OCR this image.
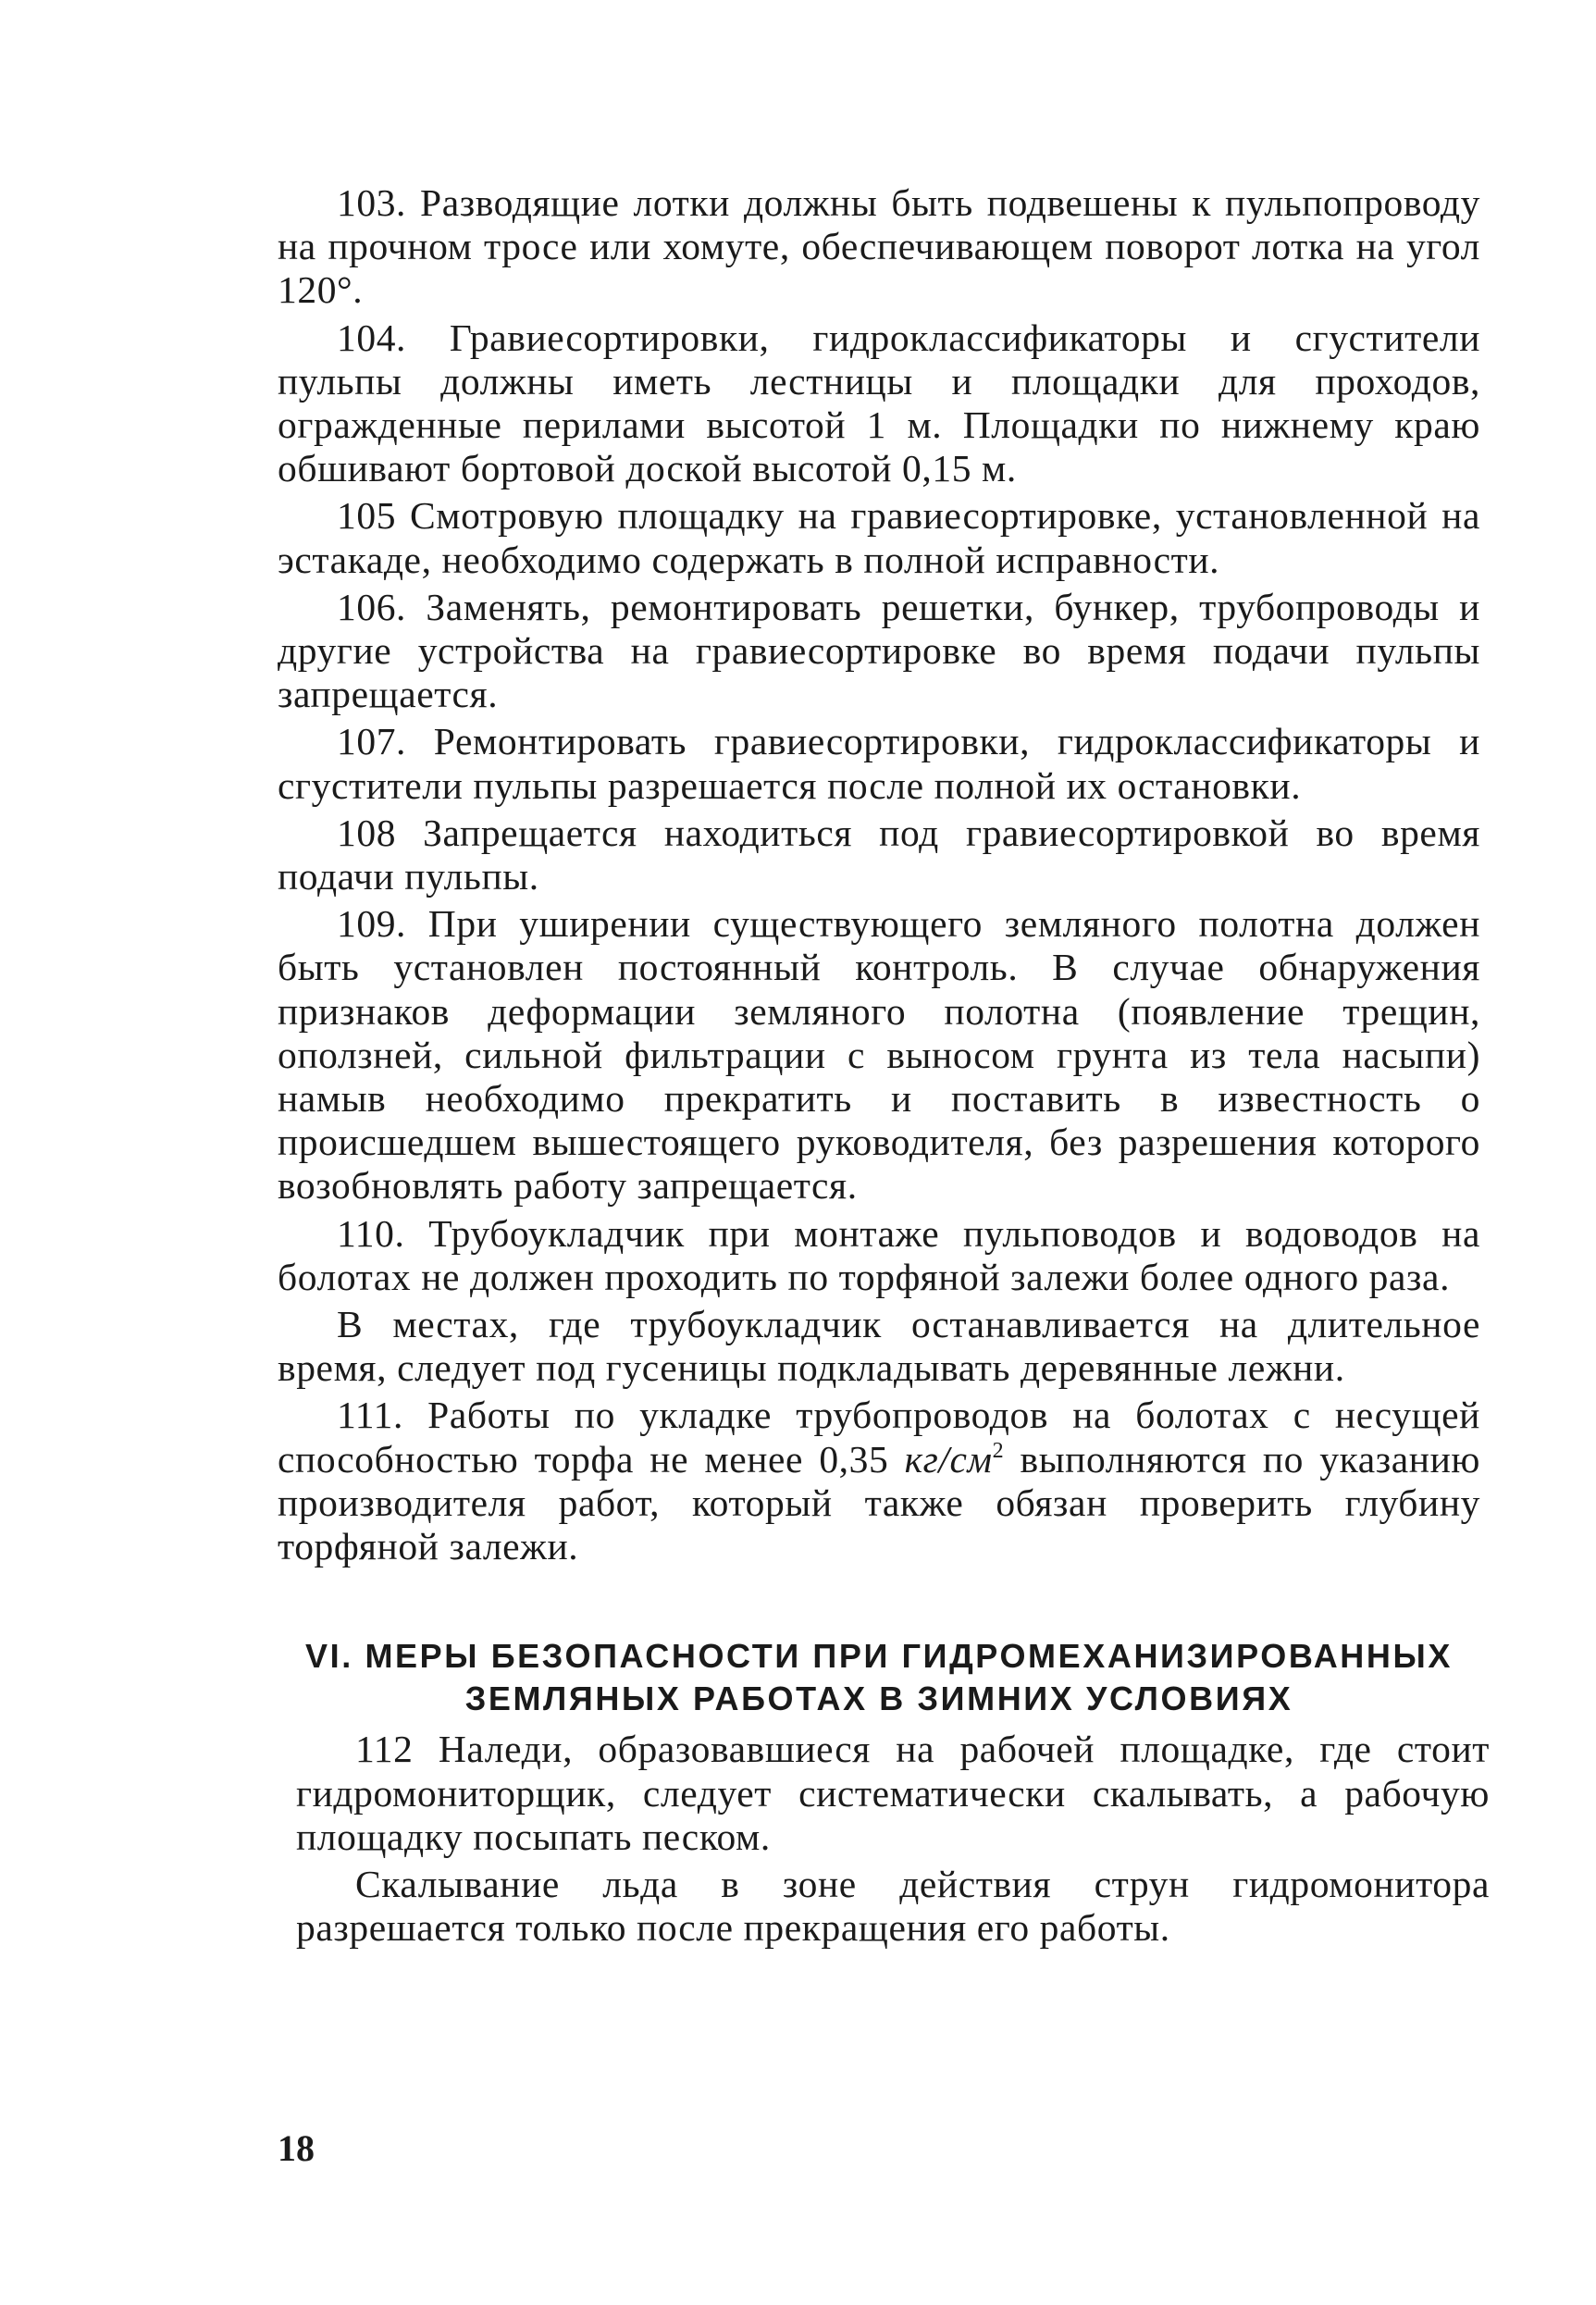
103. Разводящие лотки должны быть подвешены к пульпопроводу на прочном тросе или хомуте, обеспечивающем поворот лотка на угол 120°.

104. Гравиесортировки, гидроклассификаторы и сгустители пульпы должны иметь лестницы и площадки для проходов, огражденные перилами высотой 1 м. Площадки по нижнему краю обшивают бортовой доской высотой 0,15 м.

105 Смотровую площадку на гравиесортировке, установленной на эстакаде, необходимо содержать в полной исправности.

106. Заменять, ремонтировать решетки, бункер, трубопроводы и другие устройства на гравиесортировке во время подачи пульпы запрещается.

107. Ремонтировать гравиесортировки, гидроклассификаторы и сгустители пульпы разрешается после полной их остановки.

108 Запрещается находиться под гравиесортировкой во время подачи пульпы.

109. При уширении существующего земляного полотна должен быть установлен постоянный контроль. В случае обнаружения признаков деформации земляного полотна (появление трещин, оползней, сильной фильтрации с выносом грунта из тела насыпи) намыв необходимо прекратить и поставить в известность о происшедшем вышестоящего руководителя, без разрешения которого возобновлять работу запрещается.

110. Трубоукладчик при монтаже пульповодов и водоводов на болотах не должен проходить по торфяной залежи более одного раза.

В местах, где трубоукладчик останавливается на длительное время, следует под гусеницы подкладывать деревянные лежни.

111. Работы по укладке трубопроводов на болотах с несущей способностью торфа не менее 0,35 $кг/см^2$ выполняются по указанию производителя работ, который также обязан проверить глубину торфяной залежи.

VI. МЕРЫ БЕЗОПАСНОСТИ ПРИ ГИДРОМЕХАНИЗИРОВАННЫХ
ЗЕМЛЯНЫХ РАБОТАХ В ЗИМНИХ УСЛОВИЯХ

112 Наледи, образовавшиеся на рабочей площадке, где стоит гидромониторщик, следует систематически скалывать, а рабочую площадку посыпать песком.

Скалывание льда в зоне действия струн гидромонитора разрешается только после прекращения его работы.

18
